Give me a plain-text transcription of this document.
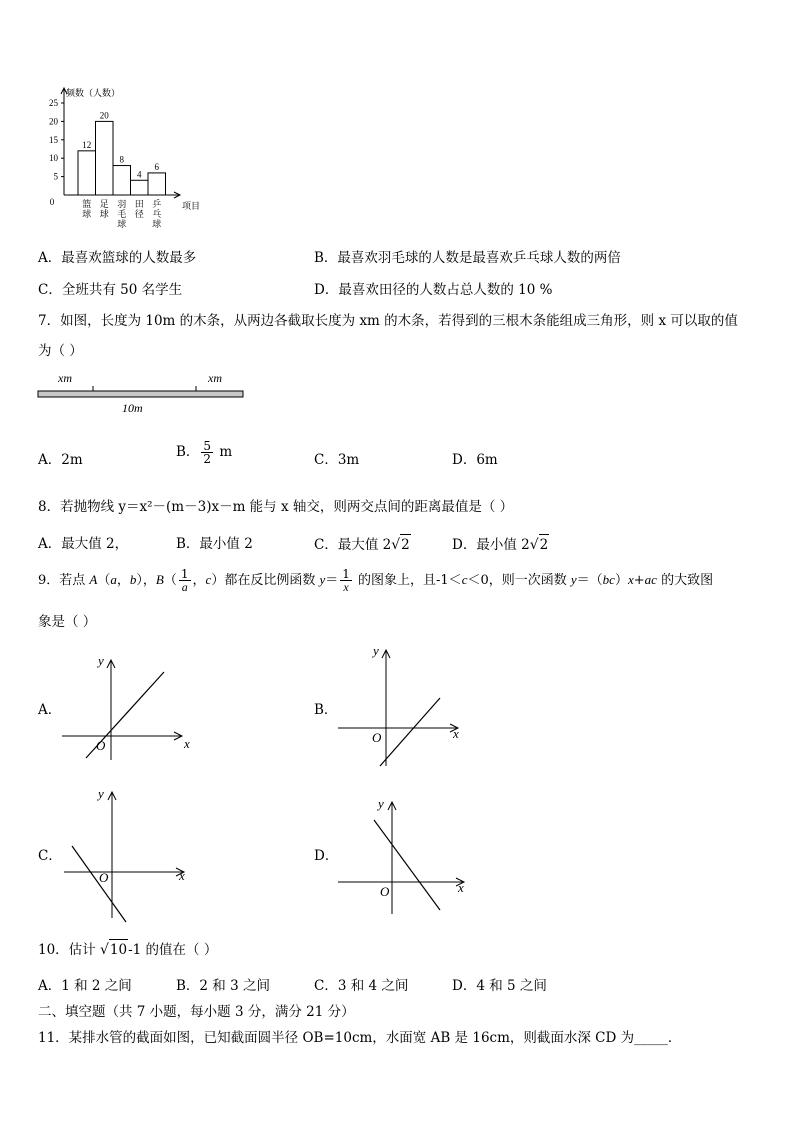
频数（人数）
项目
0
5
10
15
20
25
12
篮
球
20
足
球
8
羽
毛
球
4
田
径
6
乒
乓
球
A．最喜欢篮球的人数最多	B．最喜欢羽毛球的人数是最喜欢乒乓球人数的两倍
C．全班共有 50 名学生	D．最喜欢田径的人数占总人数的 10 %
7．如图，长度为 10m 的木条，从两边各截取长度为 xm 的木条，若得到的三根木条能组成三角形，则 x 可以取的值
为（ ）
xm	xm
10m
A．2m	B． $\frac{5}{2}$ m	C．3m	D．6m
8．若抛物线 y＝x²－(m－3)x－m 能与 x 轴交，则两交点间的距离最值是（ ）
A．最大值 2，	B．最小值 2	C．最大值 2√2	D．最小值 2√2
9．若点 A（a，b），$B( \frac{1}{a}$ ，c）都在反比例函数 $y= \frac{1}{x}$ 的图象上，且-1＜c＜0，则一次函数 y＝（bc）x+ac 的大致图
象是（ ）
A．	B．
C．	D．
y
x
O
y
x
O
y
x
O
y
x
O
10．估计 √10-1 的值在（ ）
A．1 和 2 之间	B．2 和 3 之间	C．3 和 4 之间	D．4 和 5 之间
二、填空题（共 7 小题，每小题 3 分，满分 21 分）
11．某排水管的截面如图，已知截面圆半径 OB=10cm，水面宽 AB 是 16cm，则截面水深 CD 为_____．
